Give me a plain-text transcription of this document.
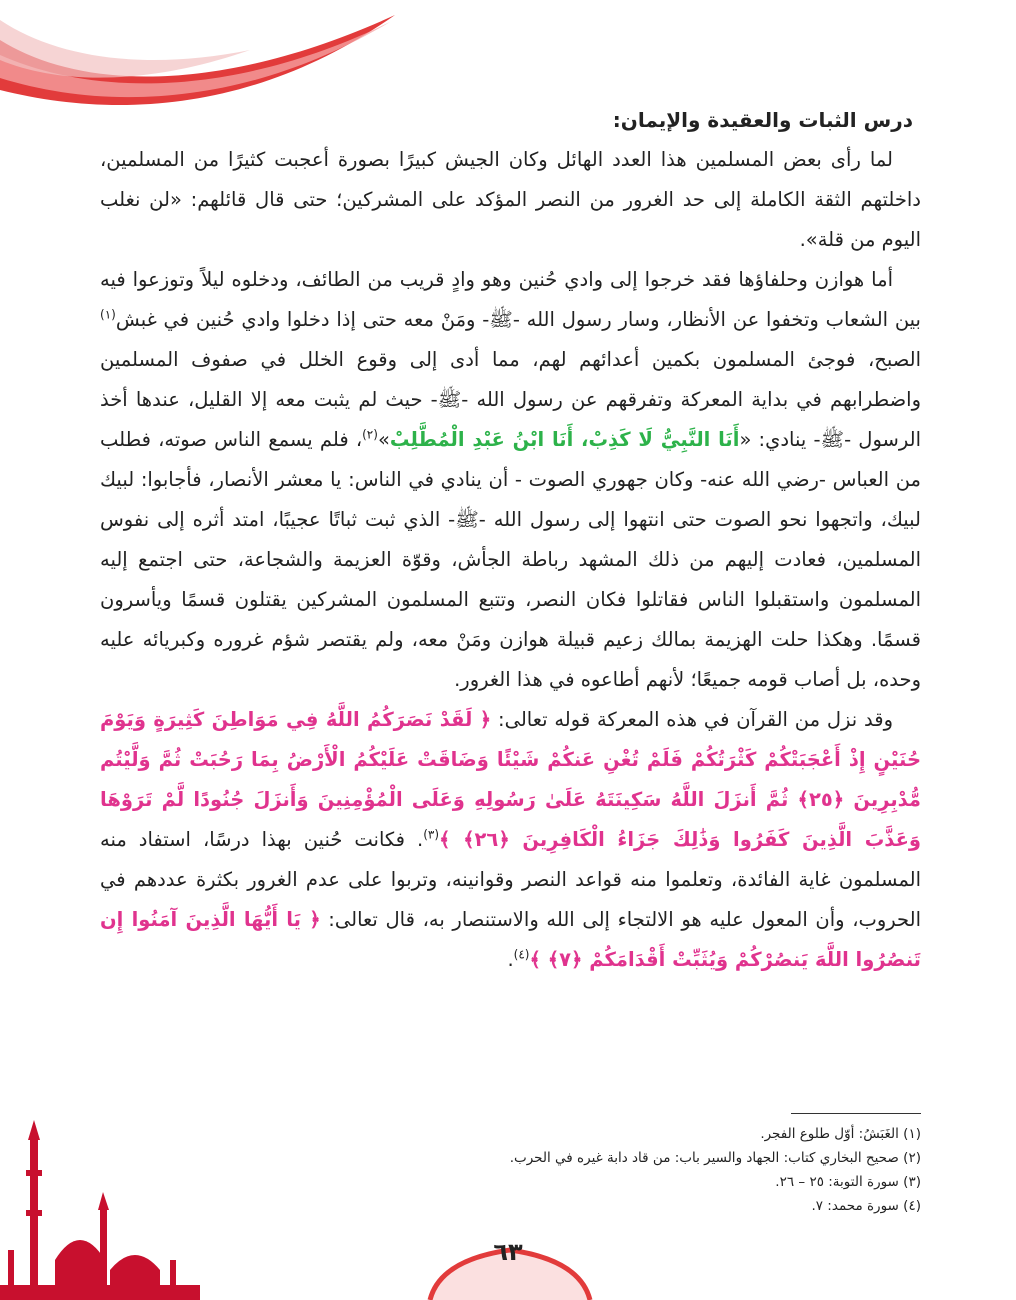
درس الثبات والعقيدة والإيمان:

لما رأى بعض المسلمين هذا العدد الهائل وكان الجيش كبيرًا بصورة أعجبت كثيرًا من المسلمين، داخلتهم الثقة الكاملة إلى حد الغرور من النصر المؤكد على المشركين؛ حتى قال قائلهم: «لن نغلب اليوم من قلة».

أما هوازن وحلفاؤها فقد خرجوا إلى وادي حُنين وهو وادٍ قريب من الطائف، ودخلوه ليلاً وتوزعوا فيه بين الشعاب وتخفوا عن الأنظار، وسار رسول الله -ﷺ- ومَنْ معه حتى إذا دخلوا وادي حُنين في غبش$^{(١)}$ الصبح، فوجئ المسلمون بكمين أعدائهم لهم، مما أدى إلى وقوع الخلل في صفوف المسلمين واضطرابهم في بداية المعركة وتفرقهم عن رسول الله -ﷺ- حيث لم يثبت معه إلا القليل، عندها أخذ الرسول -ﷺ- ينادي: «أَنَا النَّبِيُّ لَا كَذِبْ، أَنَا ابْنُ عَبْدِ الْمُطَّلِبْ»$^{(٢)}$، فلم يسمع الناس صوته، فطلب من العباس -رضي الله عنه- وكان جهوري الصوت - أن ينادي في الناس: يا معشر الأنصار، فأجابوا: لبيك لبيك، واتجهوا نحو الصوت حتى انتهوا إلى رسول الله -ﷺ- الذي ثبت ثباتًا عجيبًا، امتد أثره إلى نفوس المسلمين، فعادت إليهم من ذلك المشهد رباطة الجأش، وقوّة العزيمة والشجاعة، حتى اجتمع إليه المسلمون واستقبلوا الناس فقاتلوا فكان النصر، وتتبع المسلمون المشركين يقتلون قسمًا ويأسرون قسمًا. وهكذا حلت الهزيمة بمالك زعيم قبيلة هوازن ومَنْ معه، ولم يقتصر شؤم غروره وكبريائه عليه وحده، بل أصاب قومه جميعًا؛ لأنهم أطاعوه في هذا الغرور.

وقد نزل من القرآن في هذه المعركة قوله تعالى: ﴿ لَقَدْ نَصَرَكُمُ اللَّهُ فِي مَوَاطِنَ كَثِيرَةٍ وَيَوْمَ حُنَيْنٍ إِذْ أَعْجَبَتْكُمْ كَثْرَتُكُمْ فَلَمْ تُغْنِ عَنكُمْ شَيْئًا وَضَاقَتْ عَلَيْكُمُ الْأَرْضُ بِمَا رَحُبَتْ ثُمَّ وَلَّيْتُم مُّدْبِرِينَ ﴿٢٥﴾ ثُمَّ أَنزَلَ اللَّهُ سَكِينَتَهُ عَلَىٰ رَسُولِهِ وَعَلَى الْمُؤْمِنِينَ وَأَنزَلَ جُنُودًا لَّمْ تَرَوْهَا وَعَذَّبَ الَّذِينَ كَفَرُوا وَذَٰلِكَ جَزَاءُ الْكَافِرِينَ ﴿٢٦﴾ ﴾$^{(٣)}$. فكانت حُنين بهذا درسًا، استفاد منه المسلمون غاية الفائدة، وتعلموا منه قواعد النصر وقوانينه، وتربوا على عدم الغرور بكثرة عددهم في الحروب، وأن المعول عليه هو الالتجاء إلى الله والاستنصار به، قال تعالى: ﴿ يَا أَيُّهَا الَّذِينَ آمَنُوا إِن تَنصُرُوا اللَّهَ يَنصُرْكُمْ وَيُثَبِّتْ أَقْدَامَكُمْ ﴿٧﴾ ﴾$^{(٤)}$.

(١) الغَبَشُ: أوّل طلوع الفجر.
(٢) صحيح البخاري كتاب: الجهاد والسير باب: من قاد دابة غيره في الحرب.
(٣) سورة التوبة: ٢٥ – ٢٦.
(٤) سورة محمد: ٧.
٦٣
